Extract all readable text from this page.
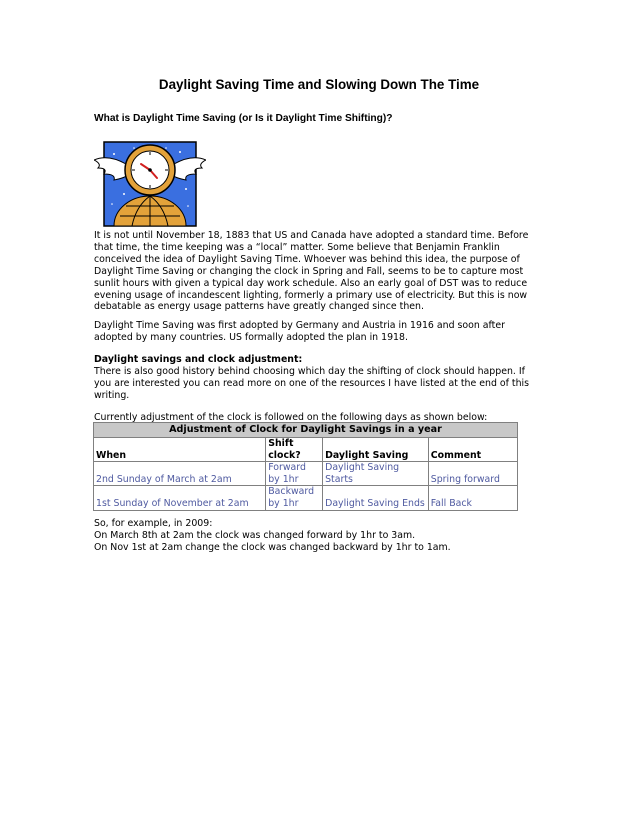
Daylight Saving Time and Slowing Down The Time
What is Daylight Time Saving (or Is it Daylight Time Shifting)?

It is not until November 18, 1883 that US and Canada have adopted a standard time. Before that time, the time keeping was a “local” matter. Some believe that Benjamin Franklin conceived the idea of Daylight Saving Time. Whoever was behind this idea, the purpose of Daylight Time Saving or changing the clock in Spring and Fall, seems to be to capture most sunlit hours with given a typical day work schedule. Also an early goal of DST was to reduce evening usage of incandescent lighting, formerly a primary use of electricity. But this is now debatable as energy usage patterns have greatly changed since then.

Daylight Time Saving was first adopted by Germany and Austria in 1916 and soon after adopted by many countries. US formally adopted the plan in 1918.

Daylight savings and clock adjustment:
There is also good history behind choosing which day the shifting of clock should happen. If you are interested you can read more on one of the resources I have listed at the end of this writing.

Currently adjustment of the clock is followed on the following days as shown below:

Adjustment of Clock for Daylight Savings in a year			
When	Shift clock?	Daylight Saving	Comment
2nd Sunday of March at 2am	Forward by 1hr	Daylight Saving Starts	Spring forward
1st Sunday of November at 2am	Backward by 1hr	Daylight Saving Ends	Fall Back

So, for example, in 2009:
On March 8th at 2am the clock was changed forward by 1hr to 3am.
On Nov 1st at 2am change the clock was changed backward by 1hr to 1am.
